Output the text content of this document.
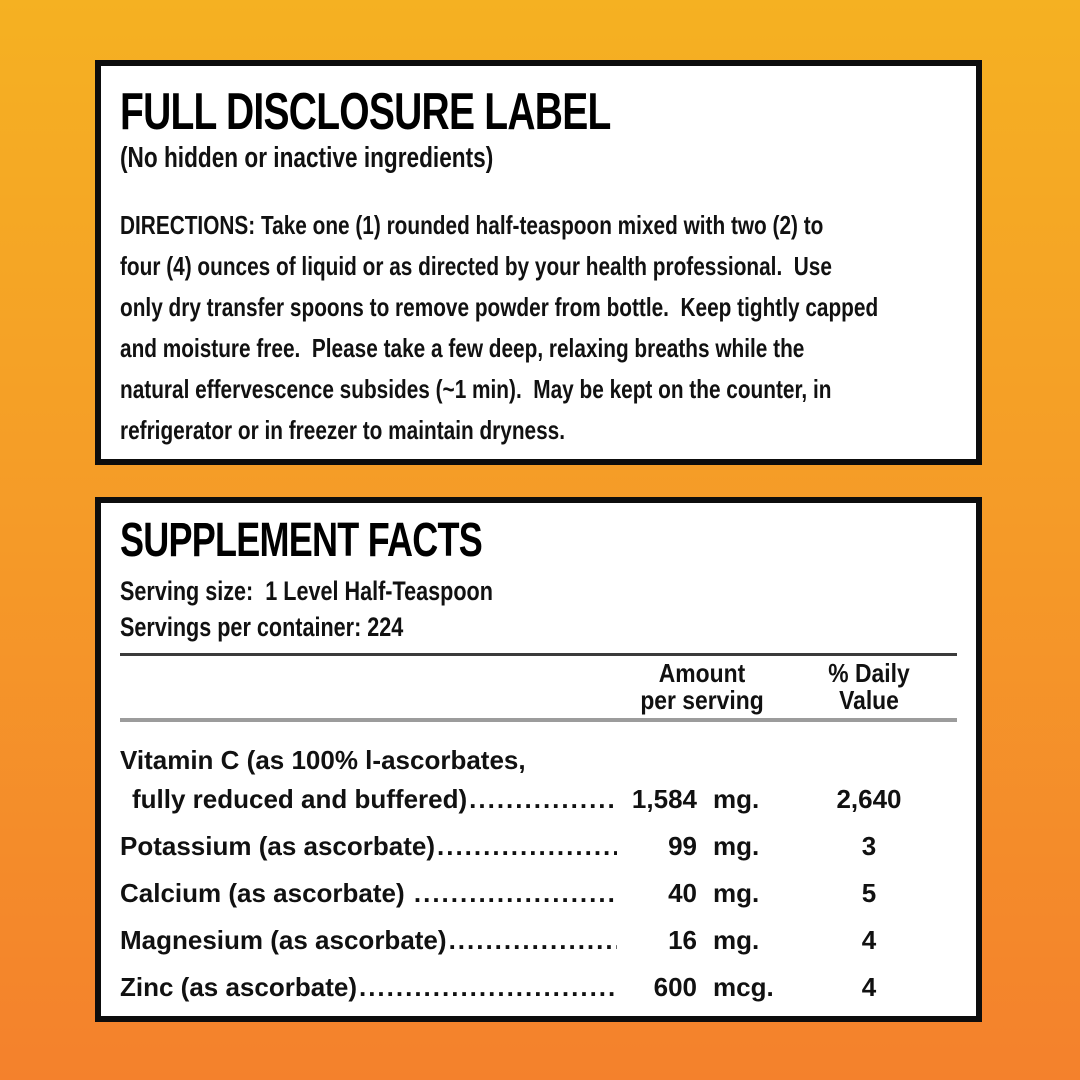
FULL DISCLOSURE LABEL
(No hidden or inactive ingredients)
DIRECTIONS: Take one (1) rounded half-teaspoon mixed with two (2) to
four (4) ounces of liquid or as directed by your health professional.  Use
only dry transfer spoons to remove powder from bottle.  Keep tightly capped
and moisture free.  Please take a few deep, relaxing breaths while the
natural effervescence subsides (~1 min).  May be kept on the counter, in
refrigerator or in freezer to maintain dryness.
SUPPLEMENT FACTS
Serving size:  1 Level Half-Teaspoon
Servings per container: 224
Amount
per serving
% Daily
Value
Vitamin C (as 100% l-ascorbates,
fully reduced and buffered) .....	1,584 mg.	2,640
Potassium (as ascorbate) .....	99 mg.	3
Calcium (as ascorbate) .....	40 mg.	5
Magnesium (as ascorbate) .....	16 mg.	4
Zinc (as ascorbate) .....	600 mcg.	4
